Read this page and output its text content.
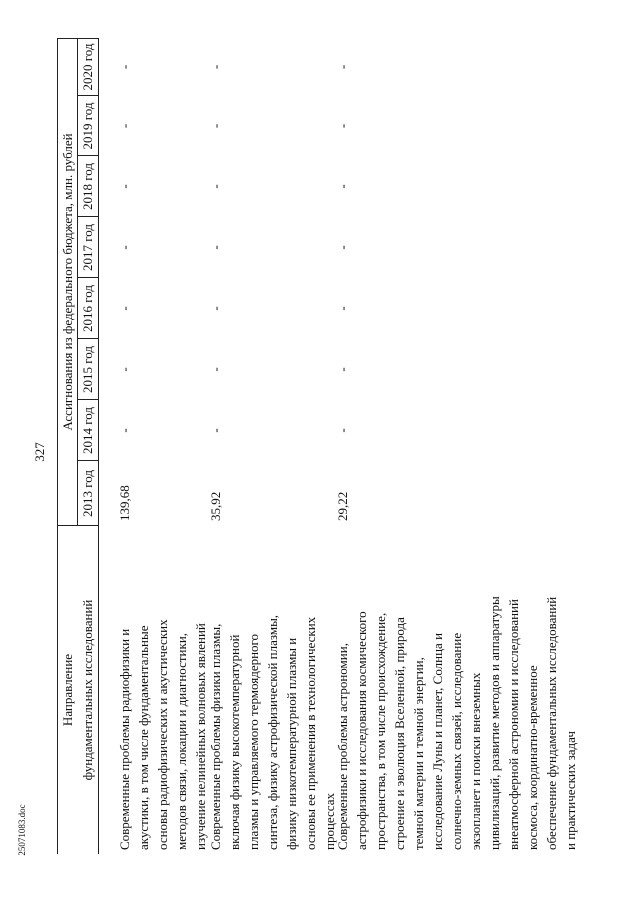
327
25071083.doc
Направление фундаментальных исследований
Ассигнования из федерального бюджета, млн. рублей
2013 год
2014 год
2015 год
2016 год
2017 год
2018 год
2019 год
2020 год
Современные проблемы радиофизики и
акустики, в том числе фундаментальные
основы радиофизических и акустических
методов связи, локации и диагностики,
изучение нелинейных волновых явлений
139,68
-
-
-
-
-
-
-
Современные проблемы физики плазмы,
включая физику высокотемпературной
плазмы и управляемого термоядерного
синтеза, физику астрофизической плазмы,
физику низкотемпературной плазмы и
основы ее применения в технологических
процессах
35,92
-
-
-
-
-
-
-
Современные проблемы астрономии,
астрофизики и исследования космического
пространства, в том числе происхождение,
строение и эволюция Вселенной, природа
темной материи и темной энергии,
исследование Луны и планет, Солнца и
солнечно-земных связей, исследование
экзопланет и поиски внеземных
цивилизаций, развитие методов и аппаратуры
внеатмосферной астрономии и исследований
космоса, координатно-временное
обеспечение фундаментальных исследований
и практических задач
29,22
-
-
-
-
-
-
-
